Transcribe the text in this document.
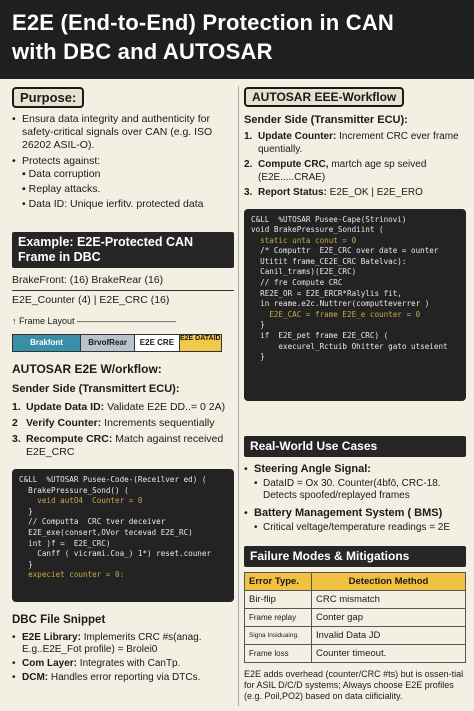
E2E (End-to-End) Protection in CAN
with DBC and AUTOSAR
Purpose:
• Ensura data integrity and authenticity for safety-critical signals over CAN (e.g. ISO 26202 ASIL-O).
• Protects against:
▪ Data corruption
▪ Replay attacks.
• Data ID: Unique ierfitv. protected data
Example: E2E-Protected CAN Frame in DBC
BrakeFront: (16) BrakeRear (16)
E2E_Counter (4) | E2E_CRC (16)
↑ Frame Layout ———————————
Brakfont	BrvofRear	E2E CRE E2E DATAID
AUTOSAR E2E W/orkflow:
Sender Side (Transmittert ECU):
1. Update Data ID: Validate E2E DD..= 0 2A)
2 Verify Counter: Increments sequentially
3. Recompute CRC: Match against received E2E_CRC
C&LL  %UTOSAR Pusee-Code-(Receilver ed) (
BrakePressure_Sond() (
veid autO4  Counter = 0
}
// Computta  CRC tver deceiver
E2E_exe(consert,OVor tecevad E2E_RC)
int )f =  E2E_CRC)
Canff ( vicrami.Coa_) 1*) reset.couner
}
expeciet counter = 0:
DBC File Snippet
• E2E Library: Implemerits CRC #s(anag. E.g..E2E_Fot profile) = Brolei0
• Com Layer: Integrates with CanTp.
• DCM: Handles error reporting via DTCs.
AUTOSAR EEE-Workflow
Sender Side (Transmitter ECU):
1. Update Counter: Increment CRC ever frame quentially.
2. Compute CRC, martch age sp seived (E2E.....CRAE)
3. Report Status: E2E_OK | E2E_ERO
C&LL  %UTOSAR Pusee-Cape(Strinovi)
void BrakePressure_Sondiint (
static unta conut = 0
/* Computtr  E2E_CRC over date = ounter
Utitit frame_CE2E_CRC Batelvac):
Canil_trams)(E2E_CRC)
// fre Compute CRC
RE2E_OR = E2E_ERCR*Ralylis fit,
in reame.e2c.Nuttrer(computteverrer )
E2E_CAC = frame E2E_e counter = 0
}
if  E2E_pet frame E2E_CRC) (
execurel_Rctuib Ohitter gato utseient
}
Real-World Use Cases
• Steering Angle Signal:
• DataID = Ox 30. Counter(4bfō, CRC-18. Detects spoofed/replayed frames
• Battery Management System ( BMS)
• Critical veltage/temperature readings = 2E
Failure Modes & Mitigations
Error Type.	Detection Method
Bir-flip	CRC mismatch
Frame replay	Conter gap
Signa Insiduaing.	Invalid Data JD
Frame loss	Counter timeout.
E2E adds overhead (counter/CRC #ts) but is ossen-tial for ASIL D/C/D systems; Always choose E2E profiles (e.g. Poil,PO2) based on data ciificiality.
